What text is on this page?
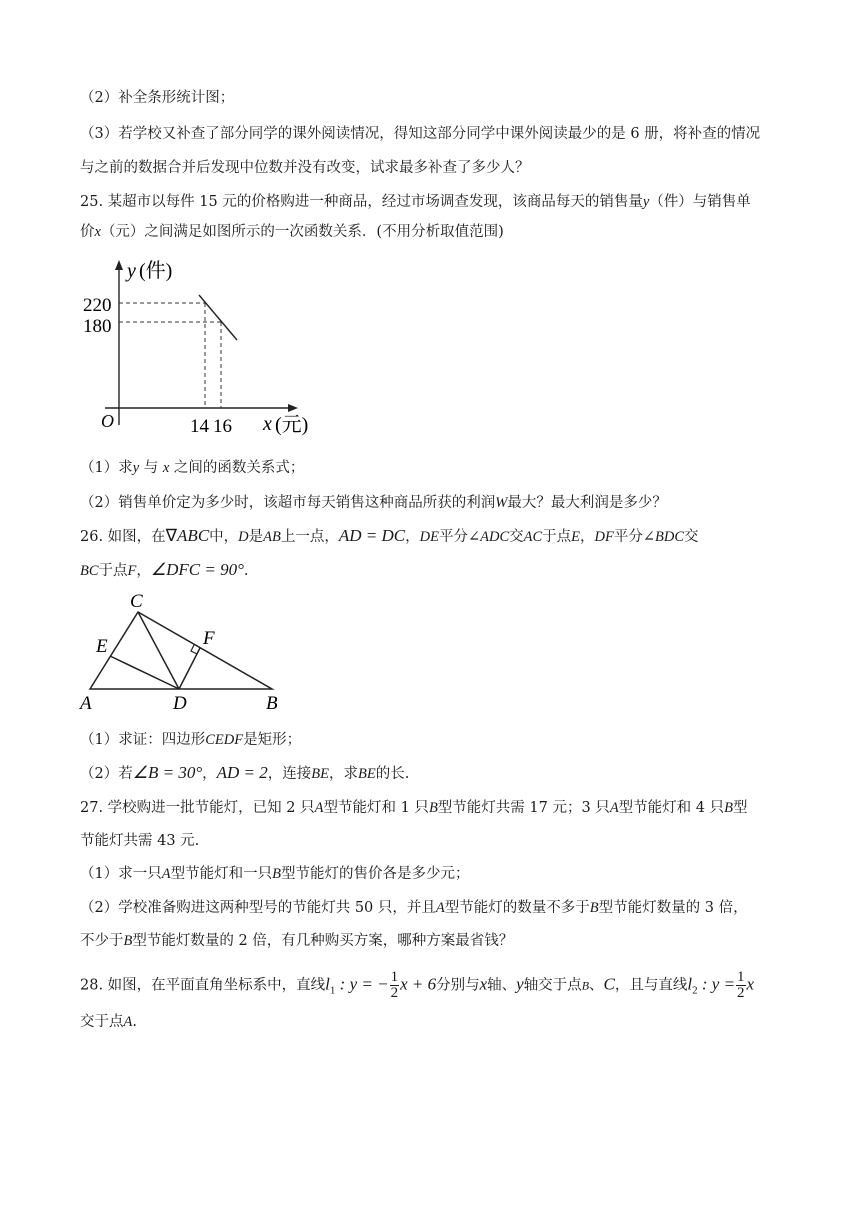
（2）补全条形统计图；
（3）若学校又补查了部分同学的课外阅读情况，得知这部分同学中课外阅读最少的是 6 册，将补查的情况
与之前的数据合并后发现中位数并没有改变，试求最多补查了多少人？
25. 某超市以每件 15 元的价格购进一种商品，经过市场调查发现，该商品每天的销售量y（件）与销售单
价x（元）之间满足如图所示的一次函数关系．(不用分析取值范围)
y (件)
x (元)
O
220
180
14 16
（1）求y 与 x 之间的函数关系式；
（2）销售单价定为多少时，该超市每天销售这种商品所获的利润W最大？最大利润是多少？
26. 如图，在∇ABC中，D是AB上一点，AD = DC，DE平分∠ADC交AC于点E，DF平分∠BDC交
BC于点F，∠DFC = 90°.
C
E	F
A	D	B
（1）求证：四边形CEDF是矩形；
（2）若∠B = 30°，AD = 2，连接BE，求BE的长.
27. 学校购进一批节能灯，已知 2 只A型节能灯和 1 只B型节能灯共需 17 元；3 只A型节能灯和 4 只B型
节能灯共需 43 元.
（1）求一只A型节能灯和一只B型节能灯的售价各是多少元；
（2）学校准备购进这两种型号的节能灯共 50 只，并且A型节能灯的数量不多于B型节能灯数量的 3 倍，
不少于B型节能灯数量的 2 倍，有几种购买方案，哪种方案最省钱？
28. 如图，在平面直角坐标系中，直线$l_1$ : y = − $\frac{1}{2}$ x + 6分别与x轴、y轴交于点B、C，且与直线$l_2$ : $y = \frac{1}{2}$ x
交于点A.
